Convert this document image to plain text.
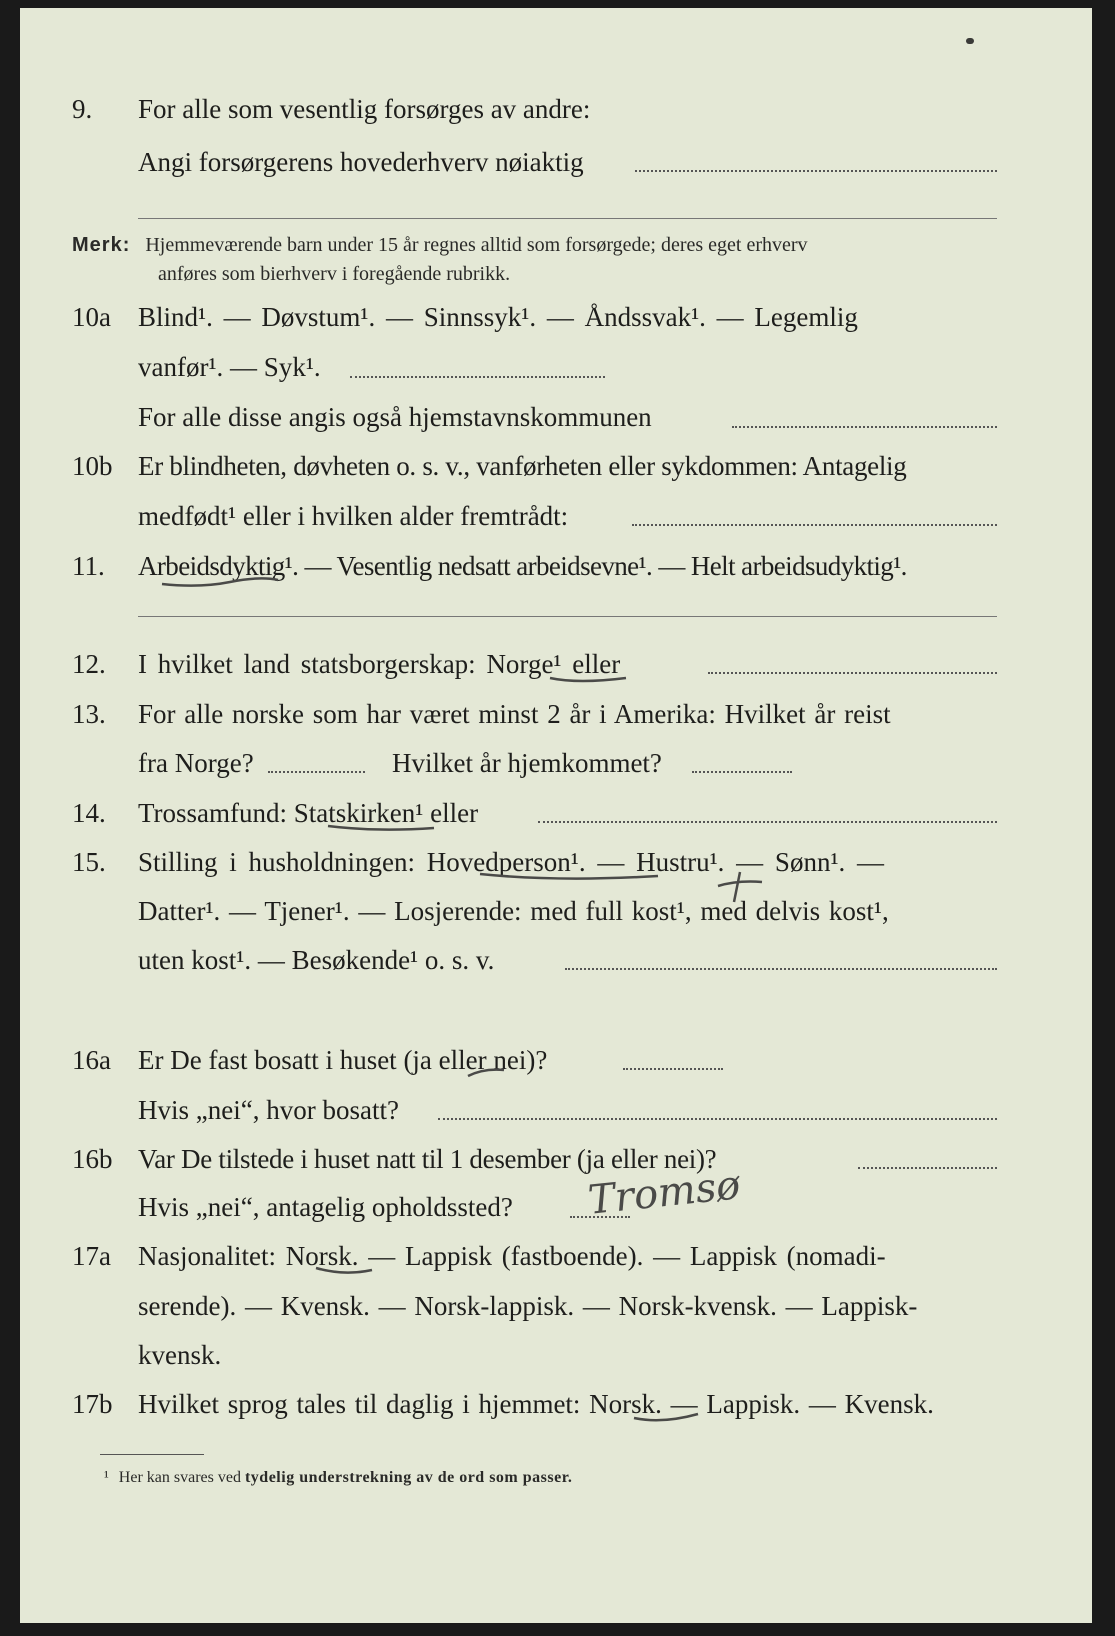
9. For alle som vesentlig forsørges av andre:
Angi forsørgerens hovederhverv nøiaktig
Merk: Hjemmeværende barn under 15 år regnes alltid som forsørgede; deres eget erhverv
anføres som bierhverv i foregående rubrikk.
10a Blind¹. — Døvstum¹. — Sinnssyk¹. — Åndssvak¹. — Legemlig
vanfør¹. — Syk¹.
For alle disse angis også hjemstavnskommunen
10b Er blindheten, døvheten o. s. v., vanførheten eller sykdommen: Antagelig
medfødt¹ eller i hvilken alder fremtrådt:
11. Arbeidsdyktig¹. — Vesentlig nedsatt arbeidsevne¹. — Helt arbeidsudyktig¹.
12. I hvilket land statsborgerskap: Norge¹ eller
13. For alle norske som har været minst 2 år i Amerika: Hvilket år reist
fra Norge?	Hvilket år hjemkommet?
14. Trossamfund: Statskirken¹ eller
15. Stilling i husholdningen: Hovedperson¹. — Hustru¹. — Sønn¹. —
Datter¹. — Tjener¹. — Losjerende: med full kost¹, med delvis kost¹,
uten kost¹. — Besøkende¹ o. s. v.
16a Er De fast bosatt i huset (ja eller nei)?
Hvis „nei“, hvor bosatt?
16b Var De tilstede i huset natt til 1 desember (ja eller nei)?
Hvis „nei“, antagelig opholdssted? Tromsø
17a Nasjonalitet: Norsk. — Lappisk (fastboende). — Lappisk (nomadi-
serende). — Kvensk. — Norsk-lappisk. — Norsk-kvensk. — Lappisk-
kvensk.
17b Hvilket sprog tales til daglig i hjemmet: Norsk. — Lappisk. — Kvensk.
¹ Her kan svares ved tydelig understrekning av de ord som passer.
